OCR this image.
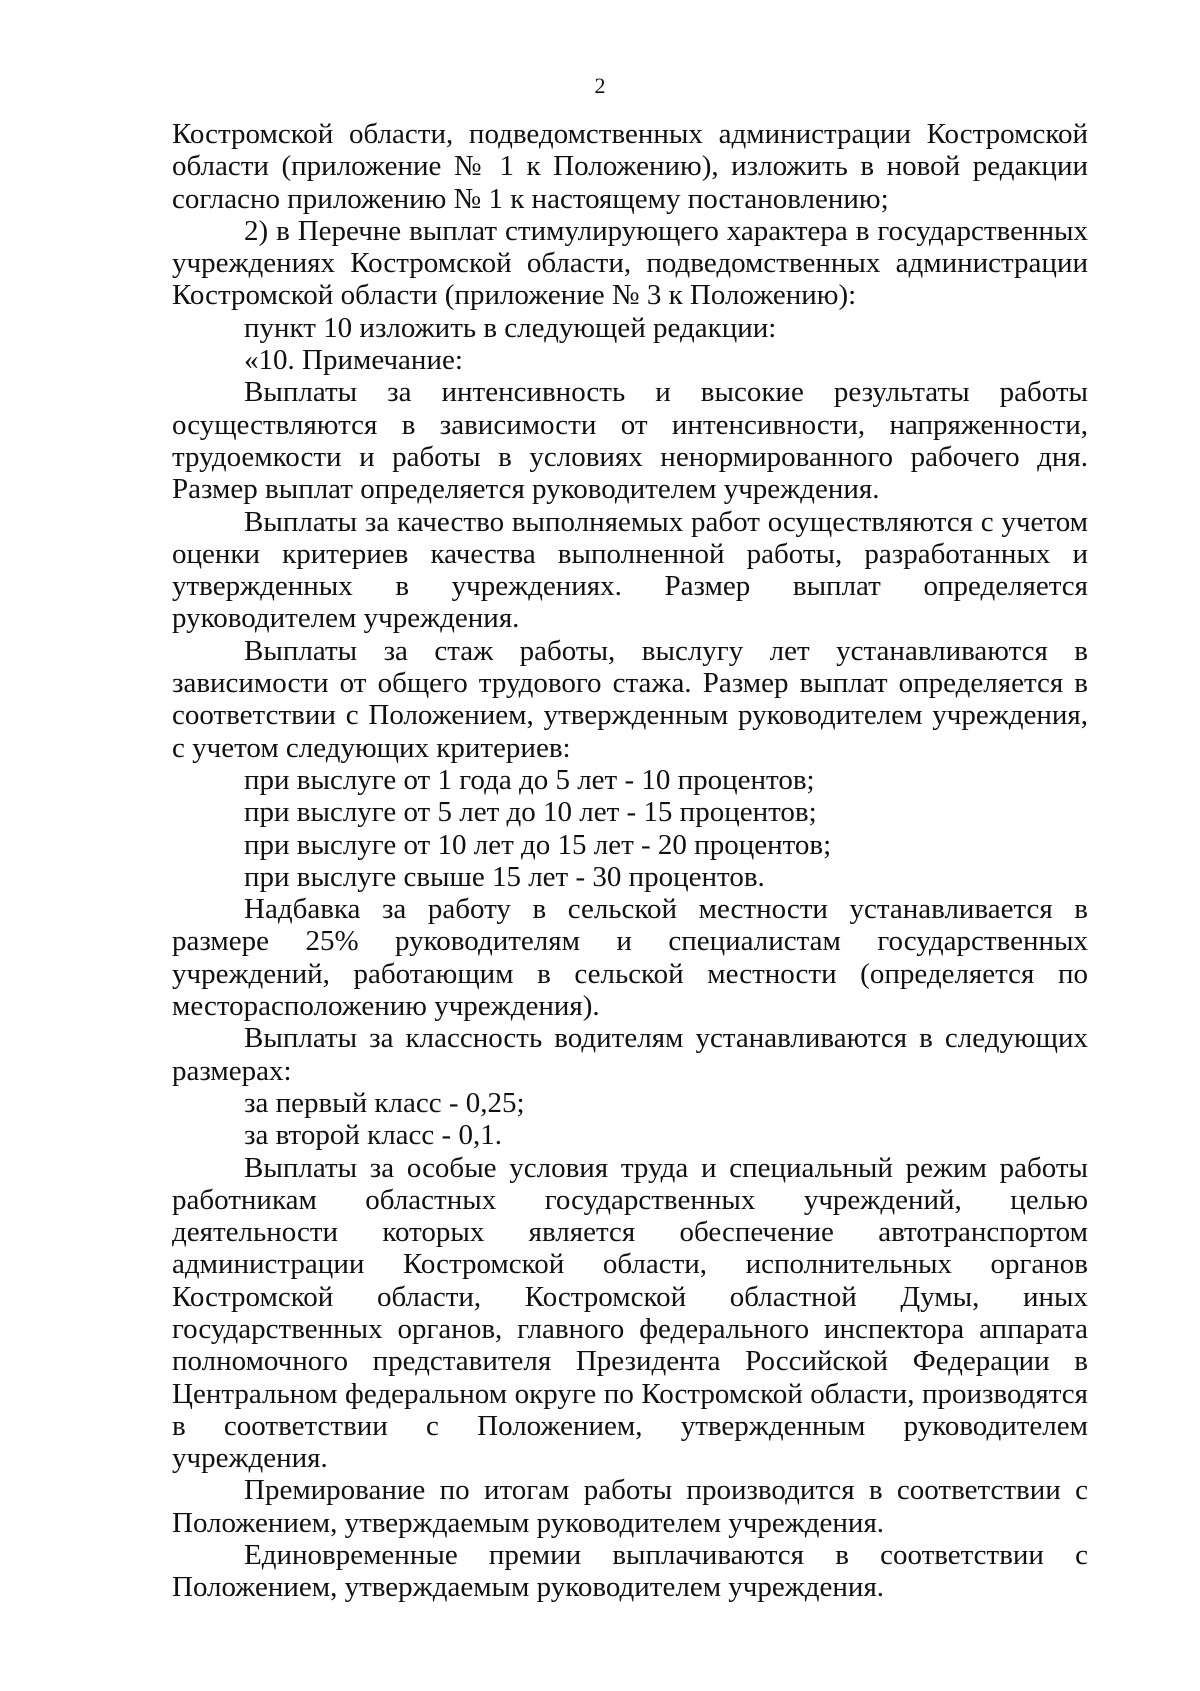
2

Костромской области, подведомственных администрации Костромской области (приложение № 1 к Положению), изложить в новой редакции согласно приложению № 1 к настоящему постановлению;

2) в Перечне выплат стимулирующего характера в государственных учреждениях Костромской области, подведомственных администрации Костромской области (приложение № 3 к Положению):

пункт 10 изложить в следующей редакции:

«10. Примечание:

Выплаты за интенсивность и высокие результаты работы осуществляются в зависимости от интенсивности, напряженности, трудоемкости и работы в условиях ненормированного рабочего дня. Размер выплат определяется руководителем учреждения.

Выплаты за качество выполняемых работ осуществляются с учетом оценки критериев качества выполненной работы, разработанных и утвержденных в учреждениях. Размер выплат определяется руководителем учреждения.

Выплаты за стаж работы, выслугу лет устанавливаются в зависимости от общего трудового стажа. Размер выплат определяется в соответствии с Положением, утвержденным руководителем учреждения, с учетом следующих критериев:

при выслуге от 1 года до 5 лет - 10 процентов;

при выслуге от 5 лет до 10 лет - 15 процентов;

при выслуге от 10 лет до 15 лет - 20 процентов;

при выслуге свыше 15 лет - 30 процентов.

Надбавка за работу в сельской местности устанавливается в размере 25% руководителям и специалистам государственных учреждений, работающим в сельской местности (определяется по месторасположению учреждения).

Выплаты за классность водителям устанавливаются в следующих размерах:

за первый класс - 0,25;

за второй класс - 0,1.

Выплаты за особые условия труда и специальный режим работы работникам областных государственных учреждений, целью деятельности которых является обеспечение автотранспортом администрации Костромской области, исполнительных органов Костромской области, Костромской областной Думы, иных государственных органов, главного федерального инспектора аппарата полномочного представителя Президента Российской Федерации в Центральном федеральном округе по Костромской области, производятся в соответствии с Положением, утвержденным руководителем учреждения.

Премирование по итогам работы производится в соответствии с Положением, утверждаемым руководителем учреждения.

Единовременные премии выплачиваются в соответствии с Положением, утверждаемым руководителем учреждения.
